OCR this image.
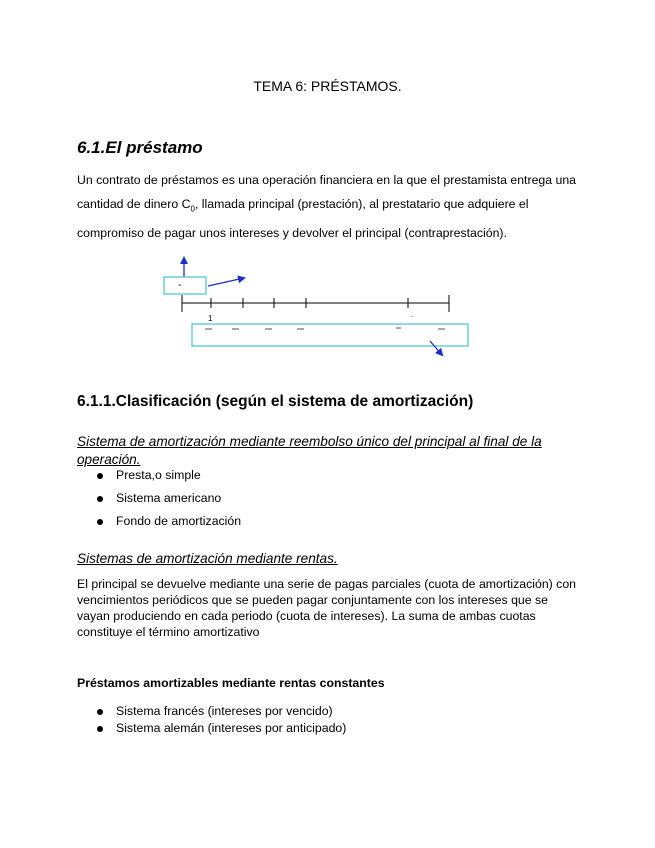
TEMA 6: PRÉSTAMOS.
6.1.El préstamo
Un contrato de préstamos es una operación financiera en la que el prestamista entrega una cantidad de dinero $C_0$, llamada principal (prestación), al prestatario que adquiere el compromiso de pagar unos intereses y devolver el principal (contraprestación).
-
1	.
6.1.1.Clasificación (según el sistema de amortización)
Sistema de amortización mediante reembolso único del principal al final de la
operación.
Presta,o simple
Sistema americano
Fondo de amortización
Sistemas de amortización mediante rentas.
El principal se devuelve mediante una serie de pagas parciales (cuota de amortización) con vencimientos periódicos que se pueden pagar conjuntamente con los intereses que se vayan produciendo en cada periodo (cuota de intereses). La suma de ambas cuotas constituye el término amortizativo
Préstamos amortizables mediante rentas constantes
Sistema francés (intereses por vencido)
Sistema alemán (intereses por anticipado)
